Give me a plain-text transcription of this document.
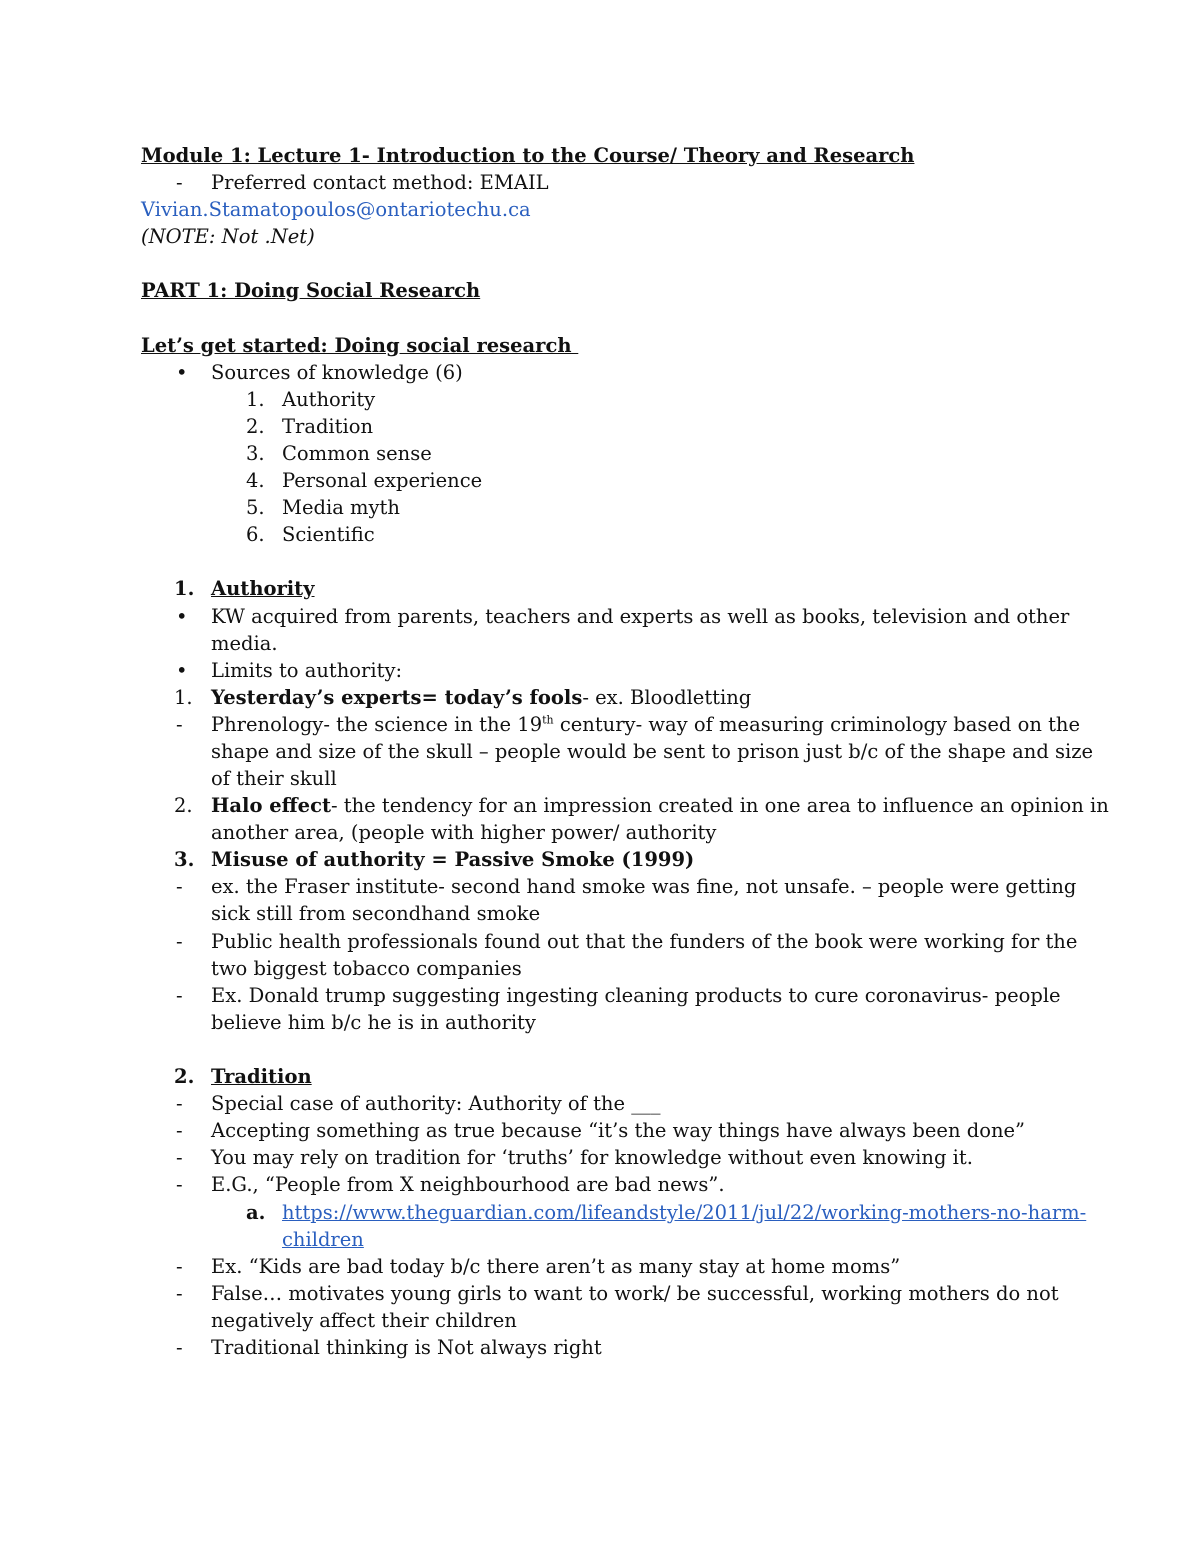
Module 1: Lecture 1- Introduction to the Course/ Theory and Research
- Preferred contact method: EMAIL
Vivian.Stamatopoulos@ontariotechu.ca
(NOTE: Not .Net)
PART 1: Doing Social Research
Let’s get started: Doing social research
• Sources of knowledge (6)
1. Authority
2. Tradition
3. Common sense
4. Personal experience
5. Media myth
6. Scientific
1. Authority
• KW acquired from parents, teachers and experts as well as books, television and other
media.
• Limits to authority:
1. Yesterday’s experts= today’s fools- ex. Bloodletting
- Phrenology- the science in the 19th century- way of measuring criminology based on the
shape and size of the skull – people would be sent to prison just b/c of the shape and size
of their skull
2. Halo effect- the tendency for an impression created in one area to influence an opinion in
another area, (people with higher power/ authority
3. Misuse of authority = Passive Smoke (1999)
- ex. the Fraser institute- second hand smoke was fine, not unsafe. – people were getting
sick still from secondhand smoke
- Public health professionals found out that the funders of the book were working for the
two biggest tobacco companies
- Ex. Donald trump suggesting ingesting cleaning products to cure coronavirus- people
believe him b/c he is in authority
2. Tradition
- Special case of authority: Authority of the ___
- Accepting something as true because “it’s the way things have always been done”
- You may rely on tradition for ‘truths’ for knowledge without even knowing it.
- E.G., “People from X neighbourhood are bad news”.
a. https://www.theguardian.com/lifeandstyle/2011/jul/22/working-mothers-no-harm-
children
- Ex. “Kids are bad today b/c there aren’t as many stay at home moms”
- False… motivates young girls to want to work/ be successful, working mothers do not
negatively affect their children
- Traditional thinking is Not always right
